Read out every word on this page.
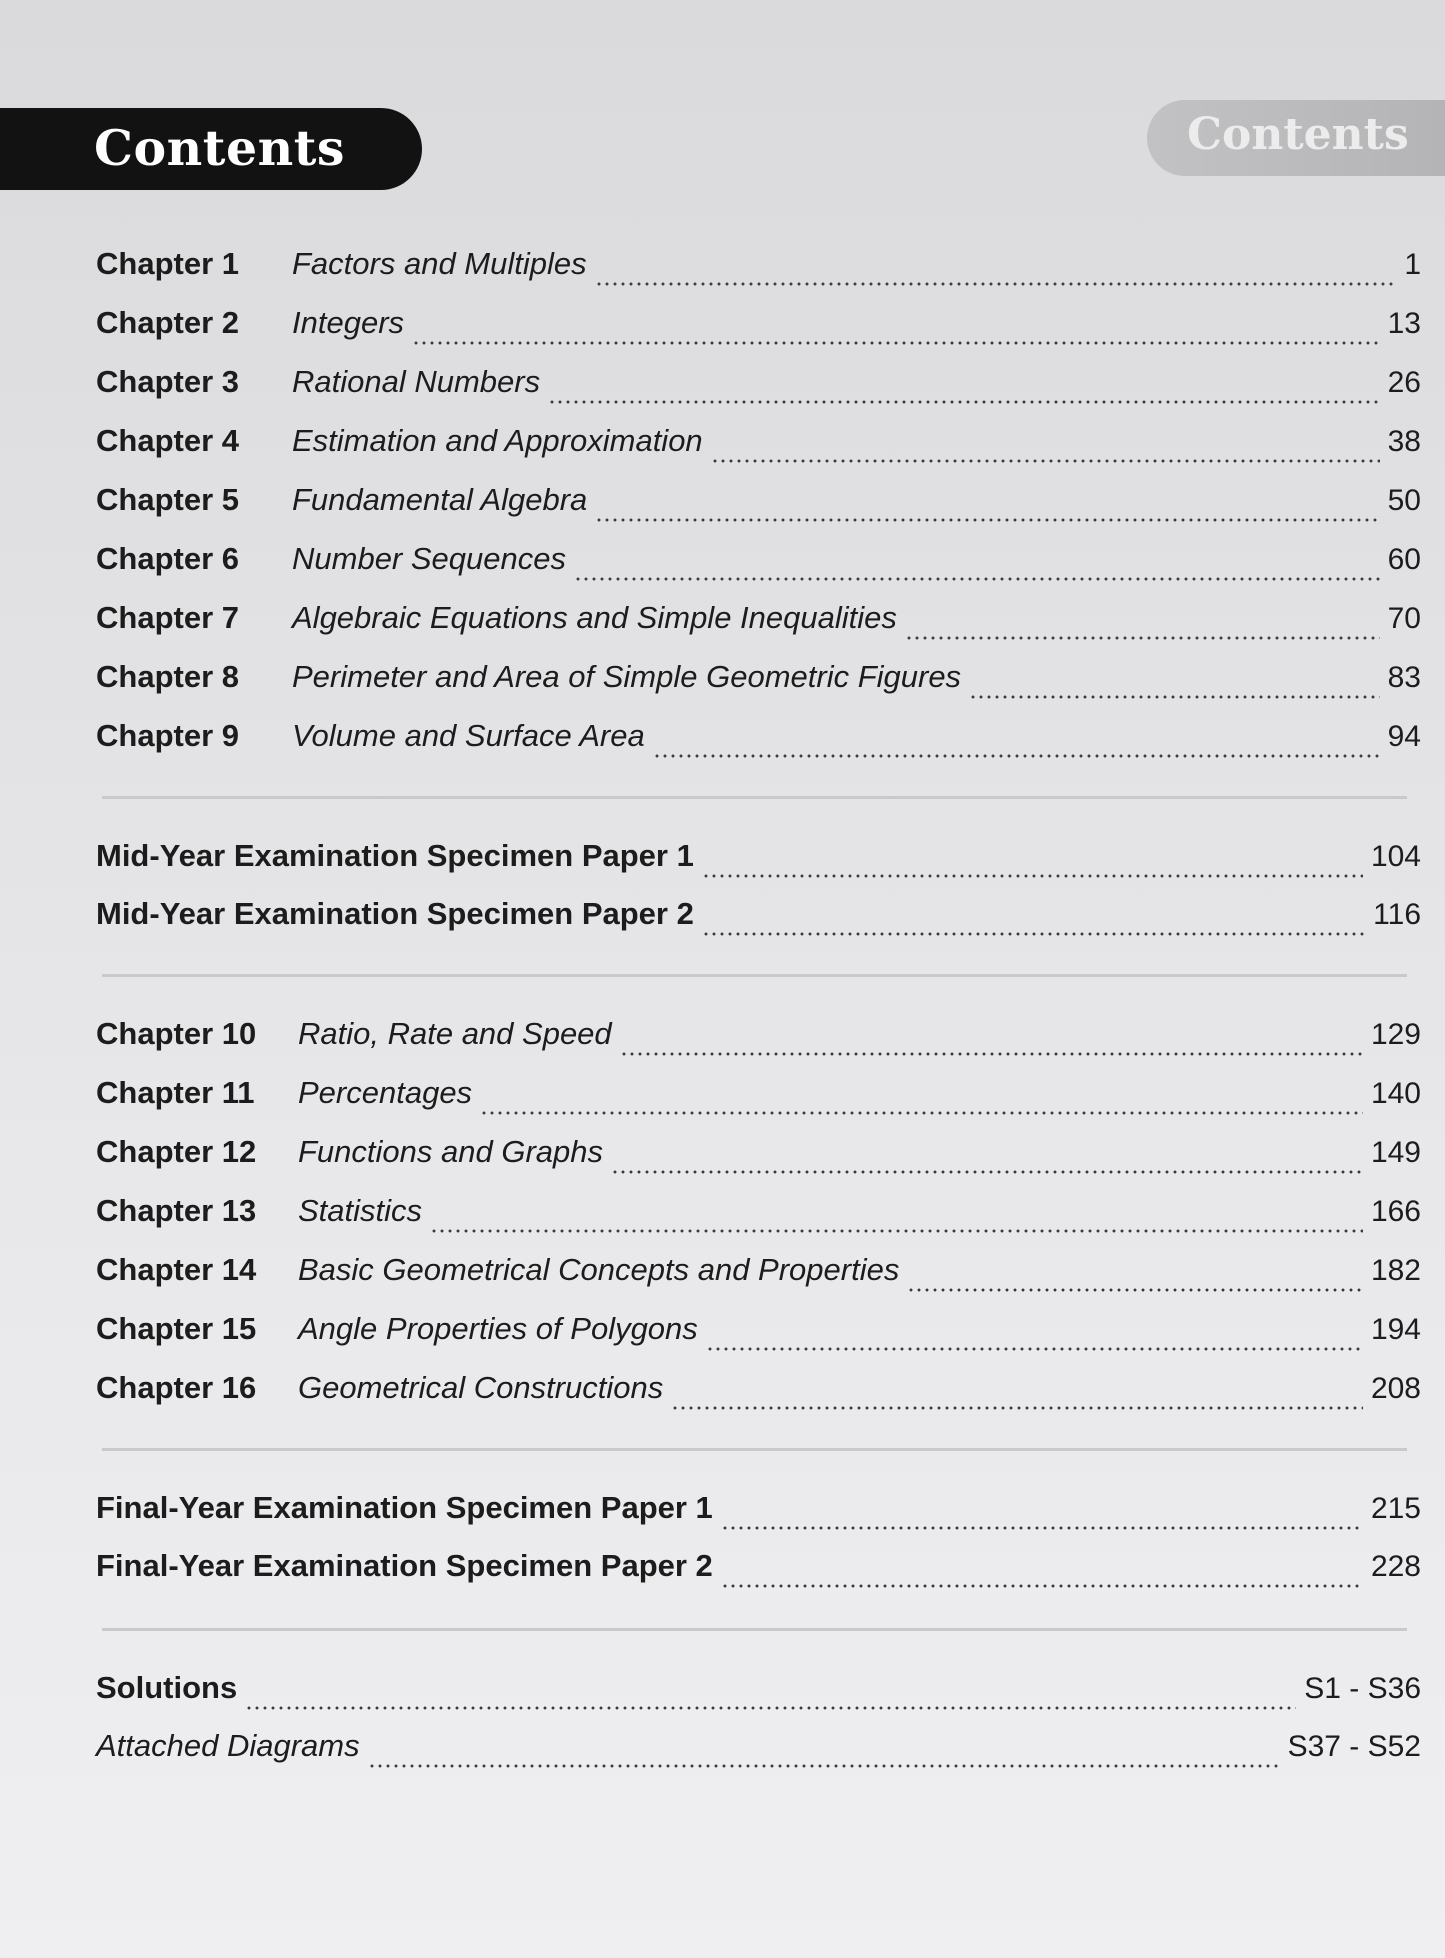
Contents	Contents
Chapter 1	Factors and Multiples	1
Chapter 2	Integers	13
Chapter 3	Rational Numbers	26
Chapter 4	Estimation and Approximation	38
Chapter 5	Fundamental Algebra	50
Chapter 6	Number Sequences	60
Chapter 7	Algebraic Equations and Simple Inequalities	70
Chapter 8	Perimeter and Area of Simple Geometric Figures	83
Chapter 9	Volume and Surface Area	94
Mid-Year Examination Specimen Paper 1	104
Mid-Year Examination Specimen Paper 2	116
Chapter 10	Ratio, Rate and Speed	129
Chapter 11	Percentages	140
Chapter 12	Functions and Graphs	149
Chapter 13	Statistics	166
Chapter 14	Basic Geometrical Concepts and Properties	182
Chapter 15	Angle Properties of Polygons	194
Chapter 16	Geometrical Constructions	208
Final-Year Examination Specimen Paper 1	215
Final-Year Examination Specimen Paper 2	228
Solutions	S1 - S36
Attached Diagrams	S37 - S52
